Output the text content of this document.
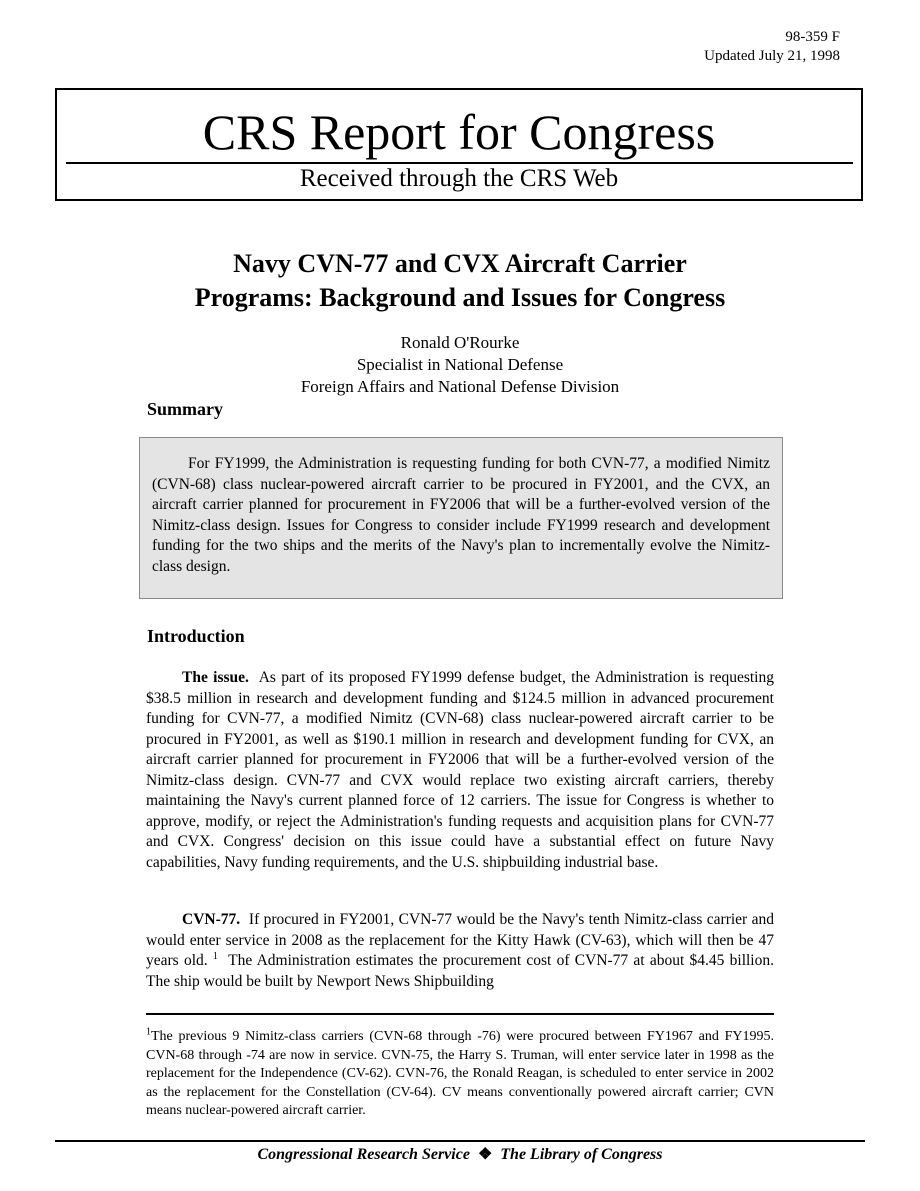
98-359 F
Updated July 21, 1998
CRS Report for Congress
Received through the CRS Web
Navy CVN-77 and CVX Aircraft Carrier
Programs: Background and Issues for Congress
Ronald O'Rourke
Specialist in National Defense
Foreign Affairs and National Defense Division
Summary

For FY1999, the Administration is requesting funding for both CVN-77, a modified Nimitz (CVN-68) class nuclear-powered aircraft carrier to be procured in FY2001, and the CVX, an aircraft carrier planned for procurement in FY2006 that will be a further-evolved version of the Nimitz-class design. Issues for Congress to consider include FY1999 research and development funding for the two ships and the merits of the Navy's plan to incrementally evolve the Nimitz-class design.

Introduction

The issue. As part of its proposed FY1999 defense budget, the Administration is requesting $38.5 million in research and development funding and $124.5 million in advanced procurement funding for CVN-77, a modified Nimitz (CVN-68) class nuclear-powered aircraft carrier to be procured in FY2001, as well as $190.1 million in research and development funding for CVX, an aircraft carrier planned for procurement in FY2006 that will be a further-evolved version of the Nimitz-class design. CVN-77 and CVX would replace two existing aircraft carriers, thereby maintaining the Navy's current planned force of 12 carriers. The issue for Congress is whether to approve, modify, or reject the Administration's funding requests and acquisition plans for CVN-77 and CVX. Congress' decision on this issue could have a substantial effect on future Navy capabilities, Navy funding requirements, and the U.S. shipbuilding industrial base.

CVN-77. If procured in FY2001, CVN-77 would be the Navy's tenth Nimitz-class carrier and would enter service in 2008 as the replacement for the Kitty Hawk (CV-63), which will then be 47 years old. $^1$ The Administration estimates the procurement cost of CVN-77 at about $4.45 billion. The ship would be built by Newport News Shipbuilding

$^1$The previous 9 Nimitz-class carriers (CVN-68 through -76) were procured between FY1967 and FY1995. CVN-68 through -74 are now in service. CVN-75, the Harry S. Truman, will enter service later in 1998 as the replacement for the Independence (CV-62). CVN-76, the Ronald Reagan, is scheduled to enter service in 2002 as the replacement for the Constellation (CV-64). CV means conventionally powered aircraft carrier; CVN means nuclear-powered aircraft carrier.

Congressional Research Service ❖ The Library of Congress
